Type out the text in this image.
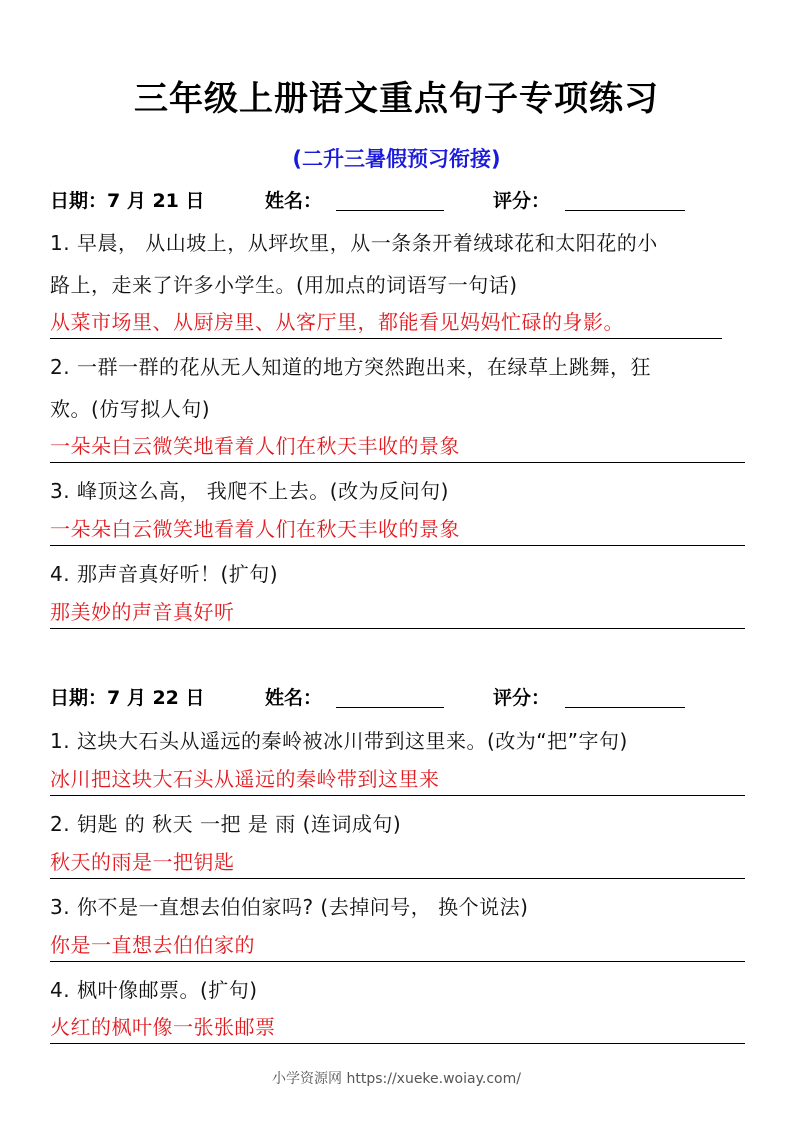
三年级上册语文重点句子专项练习
(二升三暑假预习衔接)
日期：7 月 21 日	姓名：	评分：
1. 早晨， 从山坡上，从坪坎里，从一条条开着绒球花和太阳花的小
路上，走来了许多小学生。(用加点的词语写一句话)
从菜市场里、从厨房里、从客厅里，都能看见妈妈忙碌的身影。
2. 一群一群的花从无人知道的地方突然跑出来，在绿草上跳舞，狂
欢。(仿写拟人句)
一朵朵白云微笑地看着人们在秋天丰收的景象
3. 峰顶这么高， 我爬不上去。(改为反问句)
一朵朵白云微笑地看着人们在秋天丰收的景象
4. 那声音真好听！(扩句)
那美妙的声音真好听
日期：7 月 22 日	姓名：	评分：
1. 这块大石头从遥远的秦岭被冰川带到这里来。(改为“把”字句)
冰川把这块大石头从遥远的秦岭带到这里来
2. 钥匙 的 秋天 一把 是 雨 (连词成句)
秋天的雨是一把钥匙
3. 你不是一直想去伯伯家吗? (去掉问号， 换个说法)
你是一直想去伯伯家的
4. 枫叶像邮票。(扩句)
火红的枫叶像一张张邮票
小学资源网 https://xueke.woiay.com/
